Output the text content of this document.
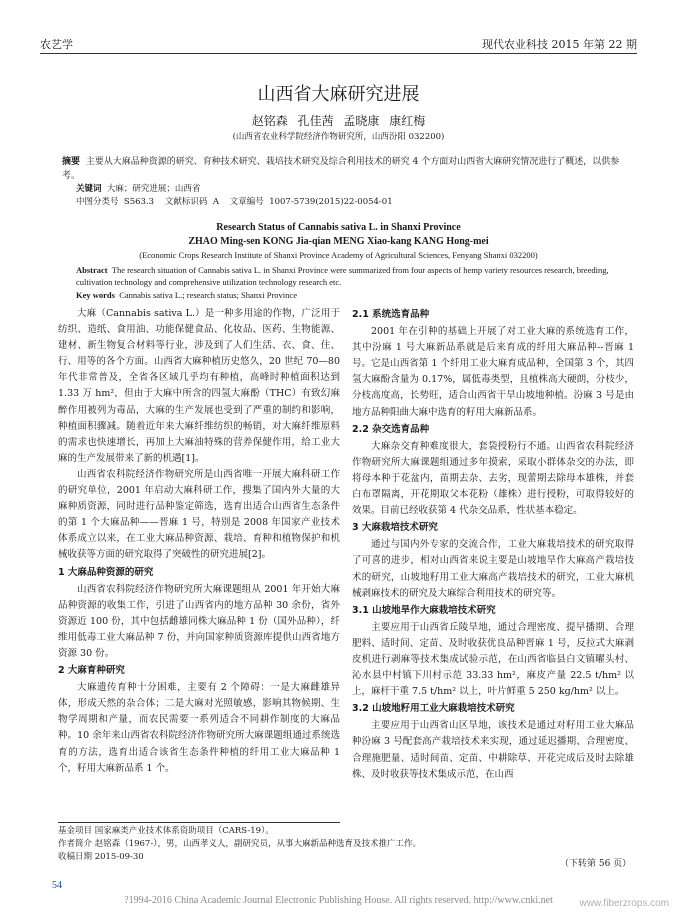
农艺学	现代农业科技 2015 年第 22 期
山西省大麻研究进展
赵铭森 孔佳茜 孟晓康 康红梅
(山西省农业科学院经济作物研究所，山西汾阳 032200)
摘要 主要从大麻品种资源的研究、育种技术研究、栽培技术研究及综合利用技术的研究 4 个方面对山西省大麻研究情况进行了概述，以供参考。
关键词 大麻；研究进展；山西省
中图分类号 S563.3 文献标识码 A 文章编号 1007-5739(2015)22-0054-01
Research Status of Cannabis sativa L. in Shanxi Province
ZHAO Ming-sen KONG Jia-qian MENG Xiao-kang KANG Hong-mei
(Economic Crops Research Institute of Shanxi Province Academy of Agricultural Sciences, Fenyang Shanxi 032200)
Abstract The research situation of Cannabis sativa L. in Shanxi Province were summarized from four aspects of hemp variety resources research, breeding, cultivation technology and comprehensive utilization technology research etc.
Key words Cannabis sativa L.; research status; Shanxi Province

大麻（Cannabis sativa L.）是一种多用途的作物，广泛用于纺织、造纸、食用油、功能保健食品、化妆品、医药、生物能源、建材、新生物复合材料等行业，涉及到了人们生活、衣、食、住、行、用等的各个方面。山西省大麻种植历史悠久，20 世纪 70—80 年代非常普及，全省各区域几乎均有种植，高峰时种植面积达到 1.33 万 hm²，但由于大麻中所含的四氢大麻酚（THC）有致幻麻醉作用被列为毒品，大麻的生产发展也受到了严重的制约和影响，种植面积骤减。随着近年来大麻纤维纺织的畅销，对大麻纤维原料的需求也快速增长，再加上大麻油特殊的营养保健作用，给工业大麻的生产发展带来了新的机遇[1]。

山西省农科院经济作物研究所是山西省唯一开展大麻科研工作的研究单位，2001 年启动大麻科研工作，搜集了国内外大量的大麻种质资源，同时进行品种鉴定筛选，选育出适合山西省生态条件的第 1 个大麻品种——晋麻 1 号，特别是 2008 年国家产业技术体系成立以来，在工业大麻品种资源、栽培、育种和植物保护和机械收获等方面的研究取得了突破性的研究进展[2]。

1 大麻品种资源的研究

山西省农科院经济作物研究所大麻课题组从 2001 年开始大麻品种资源的收集工作，引进了山西省内的地方品种 30 余份，省外资源近 100 份，其中包括雌雄同株大麻品种 1 份（国外品种），纤维用低毒工业大麻品种 7 份，并向国家种质资源库提供山西省地方资源 30 份。

2 大麻育种研究

大麻遗传育种十分困难，主要有 2 个障碍：一是大麻雌雄异体，形成天然的杂合体；二是大麻对光照敏感，影响其物候期、生物学周期和产量，而农民需要一系列适合不同耕作制度的大麻品种。10 余年来山西省农科院经济作物研究所大麻课题组通过系统选育的方法，选育出适合该省生态条件种植的纤用工业大麻品种 1 个，籽用大麻新品系 1 个。

基金项目 国家麻类产业技术体系资助项目（CARS-19）。
作者简介 赵铭森（1967-），男，山西孝义人，副研究员，从事大麻新品种选育及技术推广工作。
收稿日期 2015-09-30
2.1 系统选育品种

2001 年在引种的基础上开展了对工业大麻的系统选育工作，其中汾麻 1 号大麻新品系就是后来育成的纤用大麻品种--晋麻 1 号。它是山西省第 1 个纤用工业大麻育成品种，全国第 3 个，其四氢大麻酚含量为 0.17%，属低毒类型，且植株高大硬朗，分枝少，分枝高度高，长势旺，适合山西省干旱山坡地种植。汾麻 3 号是由地方品种阳曲大麻中选育的籽用大麻新品系。

2.2 杂交选育品种

大麻杂交育种难度很大，套袋授粉行不通。山西省农科院经济作物研究所大麻课题组通过多年摸索，采取小群体杂交的办法，即将母本种于花盆内，苗期去杂、去劣，现蕾期去除母本雄株，并套白布罩隔离，开花期取父本花粉（雄株）进行授粉，可取得较好的效果。目前已经收获第 4 代杂交品系，性状基本稳定。

3 大麻栽培技术研究

通过与国内外专家的交流合作，工业大麻栽培技术的研究取得了可喜的进步，相对山西省来说主要是山坡地旱作大麻高产栽培技术的研究，山坡地籽用工业大麻高产栽培技术的研究，工业大麻机械剥麻技术的研究及大麻综合利用技术的研究等。

3.1 山坡地旱作大麻栽培技术研究

主要应用于山西省丘陵旱地，通过合理密度、提早播期、合理肥料、适时间、定苗、及时收获优良品种晋麻 1 号，反拉式大麻剥皮机进行剥麻等技术集成试验示范，在山西省临县白文镇曜头村、沁水县中村镇下川村示范 33.33 hm²，麻皮产量 22.5 t/hm² 以上，麻杆干重 7.5 t/hm² 以上，叶片鲜重 5 250 kg/hm² 以上。

3.2 山坡地籽用工业大麻栽培技术研究

主要应用于山西省山区旱地，该技术是通过对籽用工业大麻品种汾麻 3 号配套高产栽培技术来实现，通过延迟播期、合理密度、合理施肥量、适时间苗、定苗、中耕除草、开花完成后及时去除雄株、及时收获等技术集成示范，在山西

（下转第 56 页）
54
?1994-2016 China Academic Journal Electronic Publishing House. All rights reserved. http://www.cnki.net	www.fiberzrops.com
